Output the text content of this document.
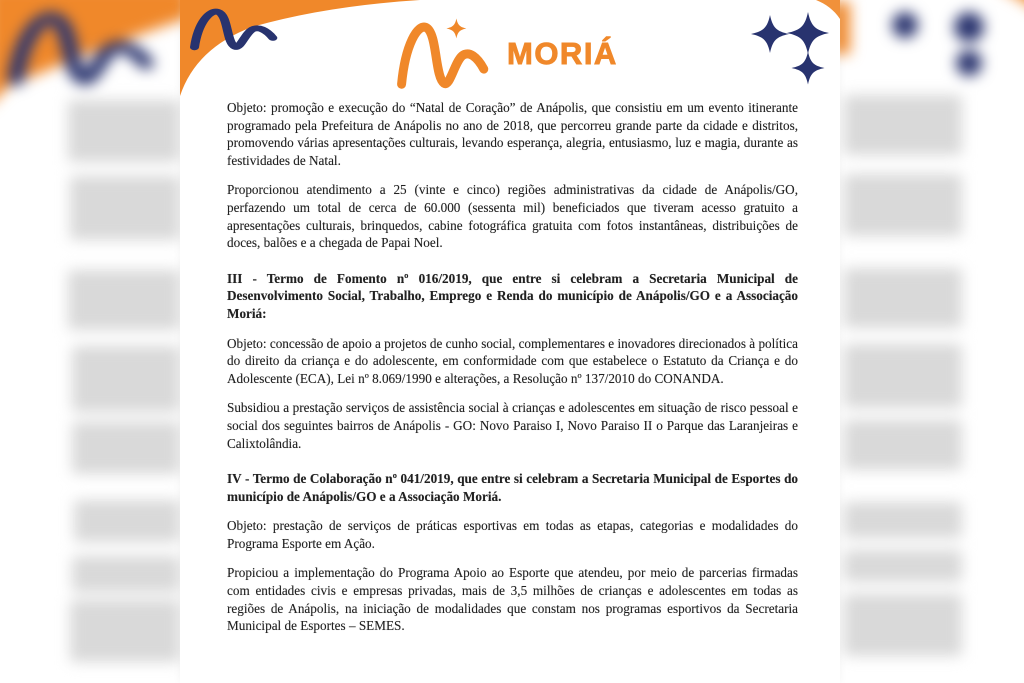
MORIÁ

Objeto: promoção e execução do “Natal de Coração” de Anápolis, que consistiu em um evento itinerante programado pela Prefeitura de Anápolis no ano de 2018, que percorreu grande parte da cidade e distritos, promovendo várias apresentações culturais, levando esperança, alegria, entusiasmo, luz e magia, durante as festividades de Natal.

Proporcionou atendimento a 25 (vinte e cinco) regiões administrativas da cidade de Anápolis/GO, perfazendo um total de cerca de 60.000 (sessenta mil) beneficiados que tiveram acesso gratuito a apresentações culturais, brinquedos, cabine fotográfica gratuita com fotos instantâneas, distribuições de doces, balões e a chegada de Papai Noel.

III - Termo de Fomento nº 016/2019, que entre si celebram a Secretaria Municipal de Desenvolvimento Social, Trabalho, Emprego e Renda do município de Anápolis/GO e a Associação Moriá:

Objeto: concessão de apoio a projetos de cunho social, complementares e inovadores direcionados à política do direito da criança e do adolescente, em conformidade com que estabelece o Estatuto da Criança e do Adolescente (ECA), Lei nº 8.069/1990 e alterações, a Resolução nº 137/2010 do CONANDA.

Subsidiou a prestação serviços de assistência social à crianças e adolescentes em situação de risco pessoal e social dos seguintes bairros de Anápolis - GO: Novo Paraiso I, Novo Paraiso II o Parque das Laranjeiras e Calixtolândia.

IV - Termo de Colaboração nº 041/2019, que entre si celebram a Secretaria Municipal de Esportes do município de Anápolis/GO e a Associação Moriá.

Objeto: prestação de serviços de práticas esportivas em todas as etapas, categorias e modalidades do Programa Esporte em Ação.

Propiciou a implementação do Programa Apoio ao Esporte que atendeu, por meio de parcerias firmadas com entidades civis e empresas privadas, mais de 3,5 milhões de crianças e adolescentes em todas as regiões de Anápolis, na iniciação de modalidades que constam nos programas esportivos da Secretaria Municipal de Esportes – SEMES.
